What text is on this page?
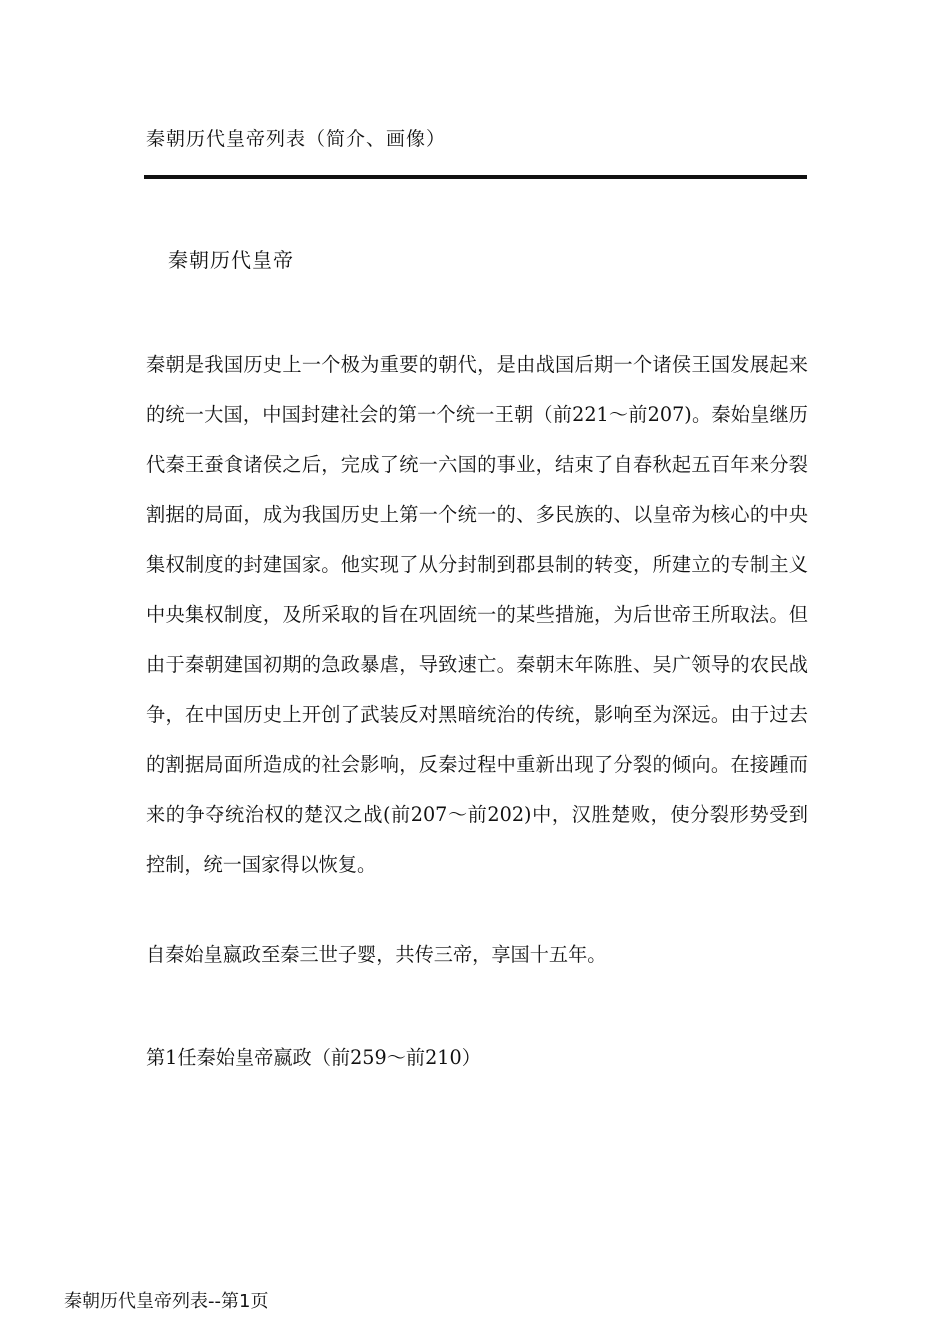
秦朝历代皇帝列表（简介、画像）
秦朝历代皇帝

秦朝是我国历史上一个极为重要的朝代，是由战国后期一个诸侯王国发展起来的统一大国，中国封建社会的第一个统一王朝（前221～前207)。秦始皇继历代秦王蚕食诸侯之后，完成了统一六国的事业，结束了自春秋起五百年来分裂割据的局面，成为我国历史上第一个统一的、多民族的、以皇帝为核心的中央集权制度的封建国家。他实现了从分封制到郡县制的转变，所建立的专制主义中央集权制度，及所采取的旨在巩固统一的某些措施，为后世帝王所取法。但由于秦朝建国初期的急政暴虐，导致速亡。秦朝末年陈胜、吴广领导的农民战争，在中国历史上开创了武装反对黑暗统治的传统，影响至为深远。由于过去的割据局面所造成的社会影响，反秦过程中重新出现了分裂的倾向。在接踵而来的争夺统治权的楚汉之战(前207～前202)中，汉胜楚败，使分裂形势受到控制，统一国家得以恢复。

自秦始皇嬴政至秦三世子婴，共传三帝，享国十五年。

第1任秦始皇帝嬴政（前259～前210）
秦朝历代皇帝列表--第1页
